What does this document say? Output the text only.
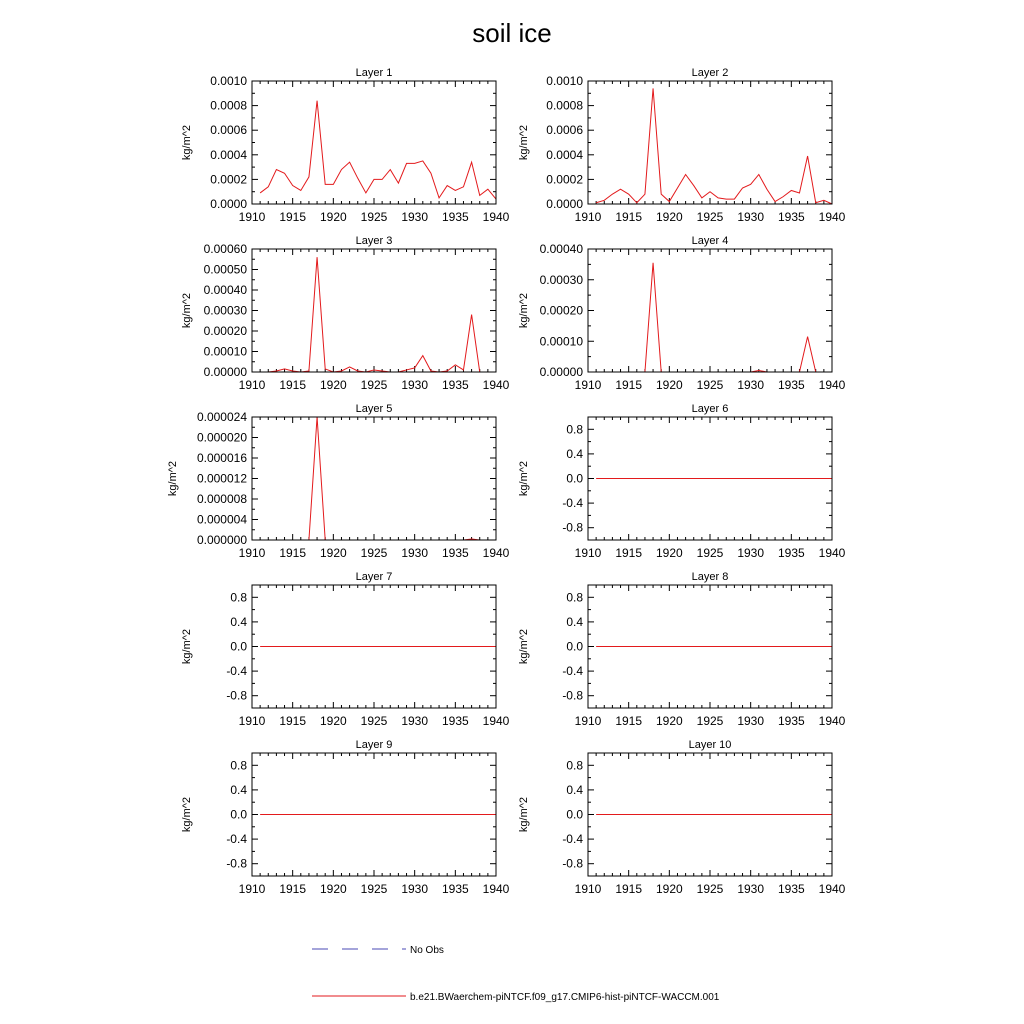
soil ice
Layer 1
kg/m^2
1910 1915 1920 1925 1930 1935 1940
0.0000
0.0002
0.0004
0.0006
0.0008
0.0010
Layer 2
kg/m^2
1910 1915 1920 1925 1930 1935 1940
0.0000
0.0002
0.0004
0.0006
0.0008
0.0010
Layer 3
kg/m^2
1910 1915 1920 1925 1930 1935 1940
0.00000
0.00010
0.00020
0.00030
0.00040
0.00050
0.00060
Layer 4
kg/m^2
1910 1915 1920 1925 1930 1935 1940
0.00000
0.00010
0.00020
0.00030
0.00040
Layer 5
kg/m^2
1910 1915 1920 1925 1930 1935 1940
0.000000
0.000004
0.000008
0.000012
0.000016
0.000020
0.000024
Layer 6
kg/m^2
1910 1915 1920 1925 1930 1935 1940
-0.8
-0.4
0.0
0.4
0.8
Layer 7
kg/m^2
1910 1915 1920 1925 1930 1935 1940
-0.8
-0.4
0.0
0.4
0.8
Layer 8
kg/m^2
1910 1915 1920 1925 1930 1935 1940
-0.8
-0.4
0.0
0.4
0.8
Layer 9
kg/m^2
1910 1915 1920 1925 1930 1935 1940
-0.8
-0.4
0.0
0.4
0.8
Layer 10
kg/m^2
1910 1915 1920 1925 1930 1935 1940
-0.8
-0.4
0.0
0.4
0.8
No Obs
b.e21.BWaerchem-piNTCF.f09_g17.CMIP6-hist-piNTCF-WACCM.001
